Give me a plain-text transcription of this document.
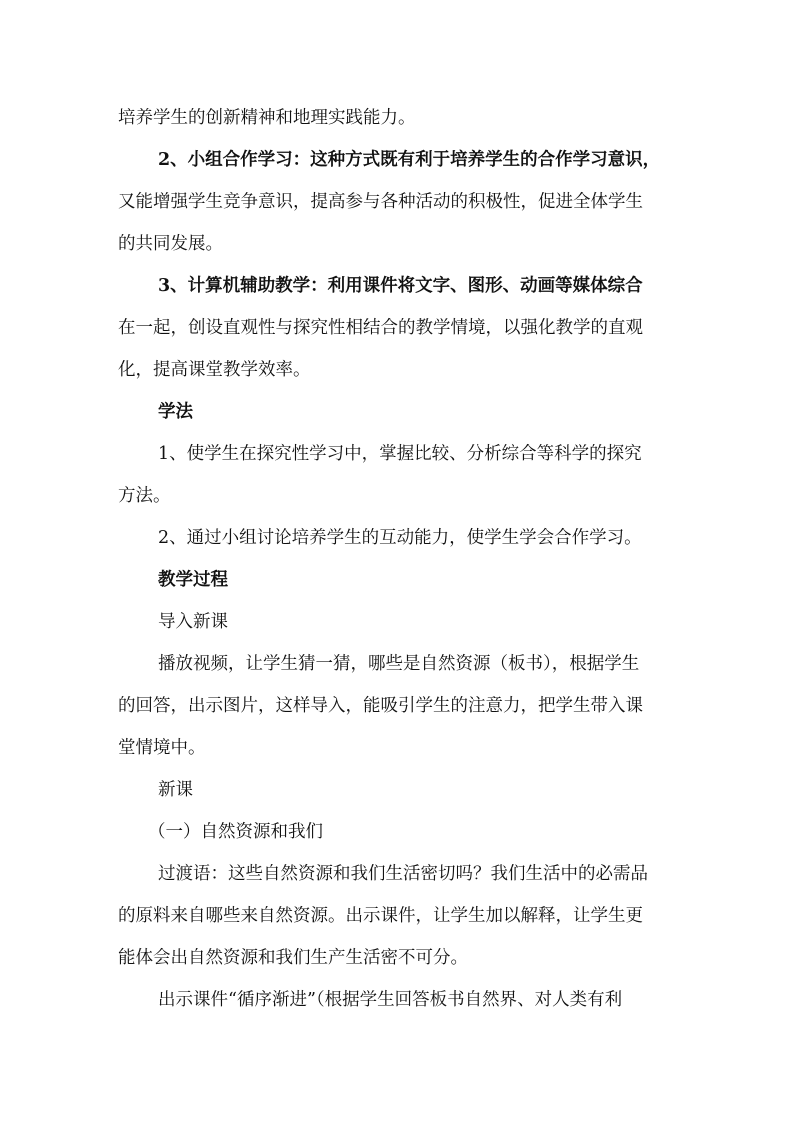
培养学生的创新精神和地理实践能力。
2、小组合作学习：这种方式既有利于培养学生的合作学习意识，
又能增强学生竞争意识，提高参与各种活动的积极性，促进全体学生
的共同发展。
3、计算机辅助教学：利用课件将文字、图形、动画等媒体综合
在一起，创设直观性与探究性相结合的教学情境，以强化教学的直观
化，提高课堂教学效率。
学法
1、使学生在探究性学习中，掌握比较、分析综合等科学的探究
方法。
2、通过小组讨论培养学生的互动能力，使学生学会合作学习。
教学过程
导入新课
播放视频，让学生猜一猜，哪些是自然资源（板书），根据学生
的回答，出示图片，这样导入，能吸引学生的注意力，把学生带入课
堂情境中。
新课
（一）自然资源和我们
过渡语：这些自然资源和我们生活密切吗？我们生活中的必需品
的原料来自哪些来自然资源。出示课件，让学生加以解释，让学生更
能体会出自然资源和我们生产生活密不可分。
出示课件“循序渐进”（根据学生回答板书自然界、对人类有利
